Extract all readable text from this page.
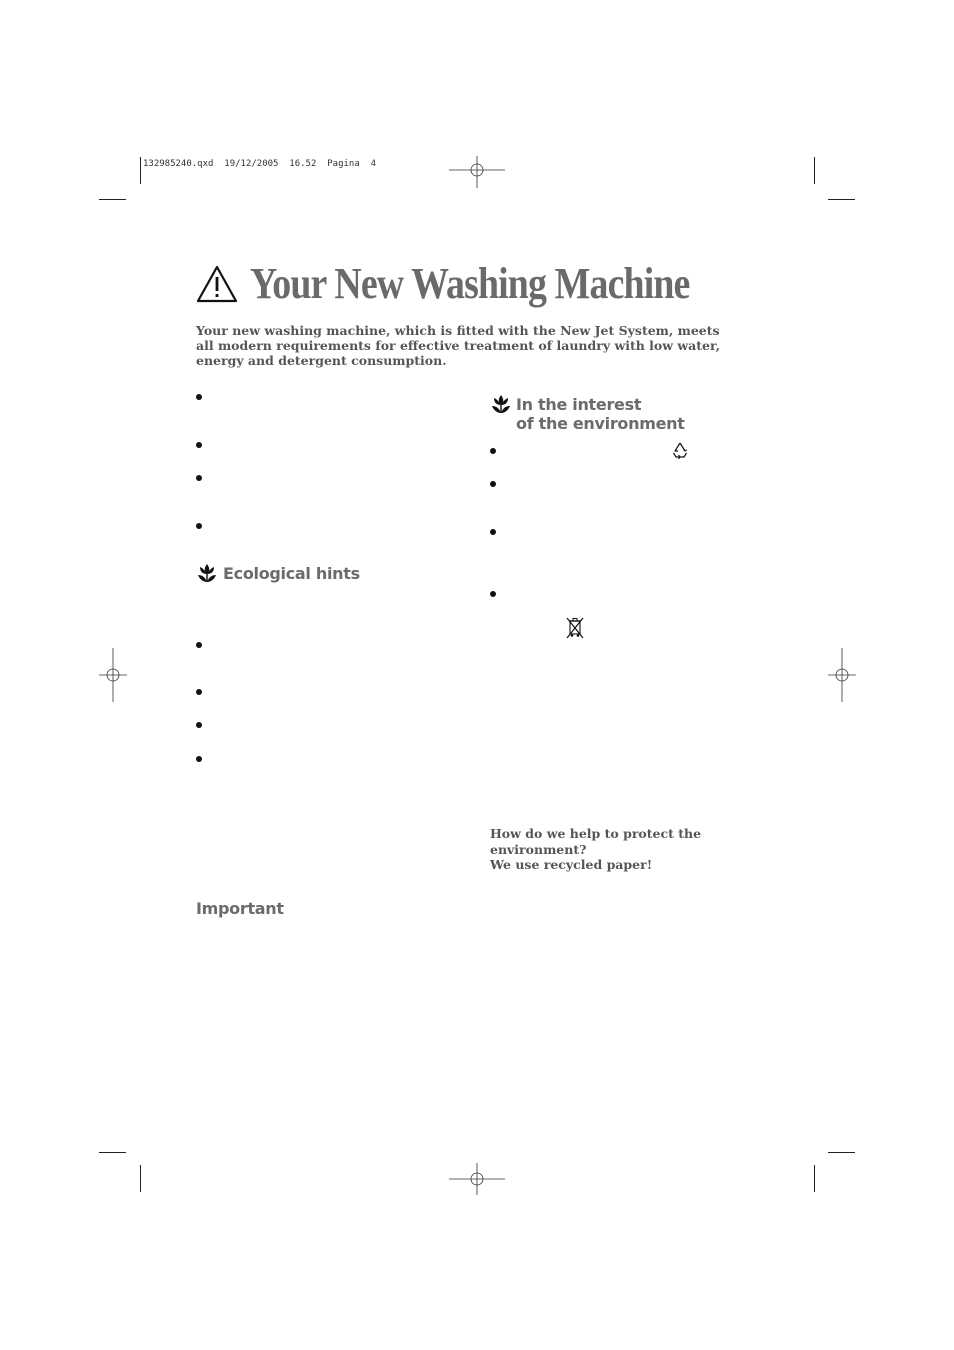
132985240.qxd  19/12/2005  16.52  Pagina  4
Your New Washing Machine
Your new washing machine, which is fitted with the New Jet System, meets all modern requirements for effective treatment of laundry with low water, energy and detergent consumption.
Ecological hints
Important
In the interest
of the environment
How do we help to protect the environment?
We use recycled paper!
